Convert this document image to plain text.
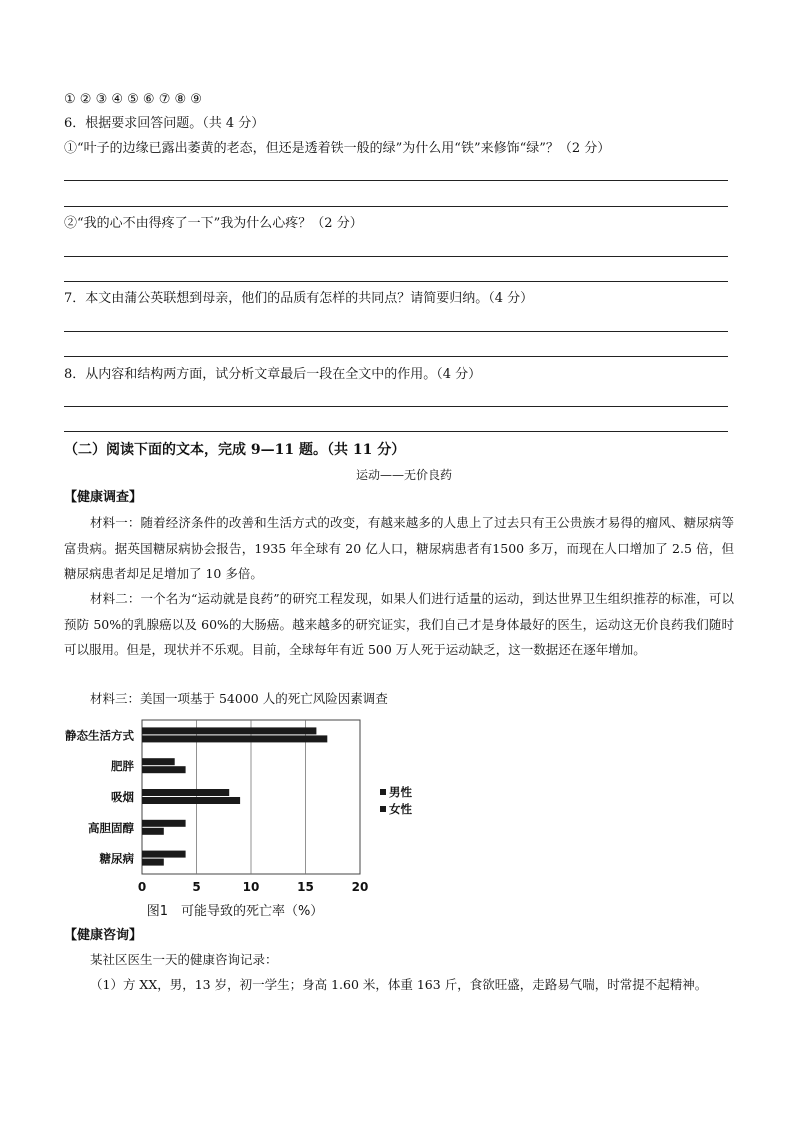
① ② ③ ④ ⑤ ⑥ ⑦ ⑧ ⑨
6．根据要求回答问题。（共 4 分）
①“叶子的边缘已露出萎黄的老态，但还是透着铁一般的绿”为什么用“铁”来修饰“绿”？（2 分）
②“我的心不由得疼了一下”我为什么心疼？（2 分）
7．本文由蒲公英联想到母亲，他们的品质有怎样的共同点？请简要归纳。（4 分）
8．从内容和结构两方面，试分析文章最后一段在全文中的作用。（4 分）
（二）阅读下面的文本，完成 9—11 题。（共 11 分）
运动——无价良药
【健康调查】
材料一：随着经济条件的改善和生活方式的改变，有越来越多的人患上了过去只有王公贵族才易得的瘤风、糖尿病等富贵病。据英国糖尿病协会报告，1935 年全球有 20 亿人口，糖尿病患者有1500 多万，而现在人口增加了 2.5 倍，但糖尿病患者却足足增加了 10 多倍。
材料二：一个名为“运动就是良药”的研究工程发现，如果人们进行适量的运动，到达世界卫生组织推荐的标准，可以预防 50%的乳腺癌以及 60%的大肠癌。越来越多的研究证实，我们自己才是身体最好的医生，运动这无价良药我们随时可以服用。但是，现状并不乐观。目前，全球每年有近 500 万人死于运动缺乏，这一数据还在逐年增加。
材料三：美国一项基于 54000 人的死亡风险因素调查
0	5	10	15	20
静态生活方式
肥胖
吸烟
高胆固醇
糖尿病
男性
女性
图1　可能导致的死亡率（%）
【健康咨询】
某社区医生一天的健康咨询记录：
（1）方 XX，男，13 岁，初一学生；身高 1.60 米，体重 163 斤，食欲旺盛，走路易气喘，时常提不起精神。
